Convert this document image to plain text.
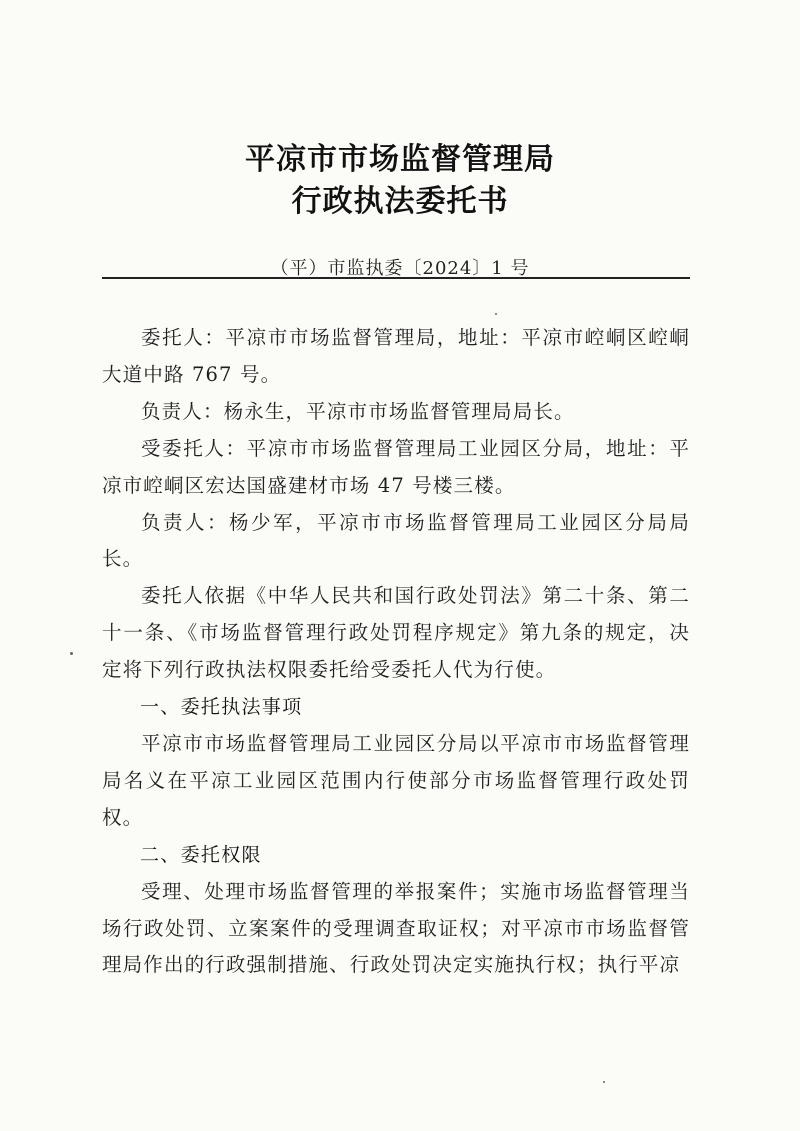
平凉市市场监督管理局
行政执法委托书
（平）市监执委〔2024〕1 号

委托人：平凉市市场监督管理局，地址：平凉市崆峒区崆峒大道中路 767 号。

负责人：杨永生，平凉市市场监督管理局局长。

受委托人：平凉市市场监督管理局工业园区分局，地址：平凉市崆峒区宏达国盛建材市场 47 号楼三楼。

负责人：杨少军，平凉市市场监督管理局工业园区分局局长。

委托人依据《中华人民共和国行政处罚法》第二十条、第二十一条、《市场监督管理行政处罚程序规定》第九条的规定，决定将下列行政执法权限委托给受委托人代为行使。

一、委托执法事项

平凉市市场监督管理局工业园区分局以平凉市市场监督管理局名义在平凉工业园区范围内行使部分市场监督管理行政处罚权。

二、委托权限

受理、处理市场监督管理的举报案件；实施市场监督管理当场行政处罚、立案案件的受理调查取证权；对平凉市市场监督管理局作出的行政强制措施、行政处罚决定实施执行权；执行平凉
